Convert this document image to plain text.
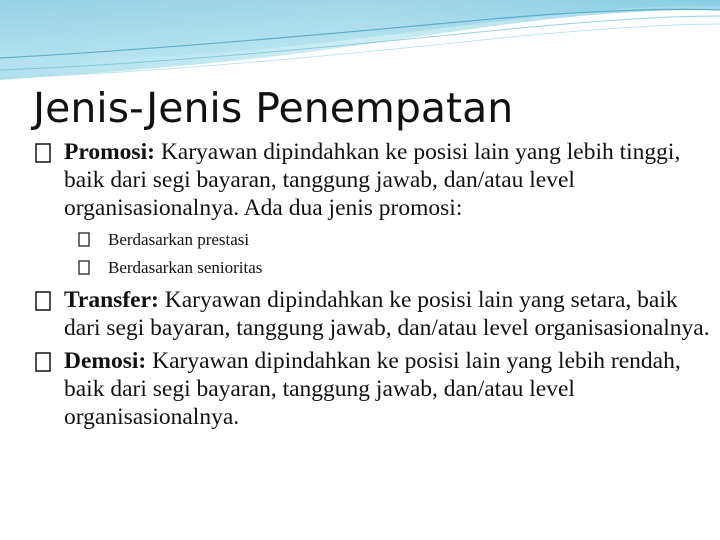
Jenis-Jenis Penempatan

Promosi: Karyawan dipindahkan ke posisi lain yang lebih tinggi, baik dari segi bayaran, tanggung jawab, dan/atau level organisasionalnya. Ada dua jenis promosi:

Berdasarkan prestasi

Berdasarkan senioritas

Transfer: Karyawan dipindahkan ke posisi lain yang setara, baik dari segi bayaran, tanggung jawab, dan/atau level organisasionalnya.

Demosi: Karyawan dipindahkan ke posisi lain yang lebih rendah, baik dari segi bayaran, tanggung jawab, dan/atau level organisasionalnya.
